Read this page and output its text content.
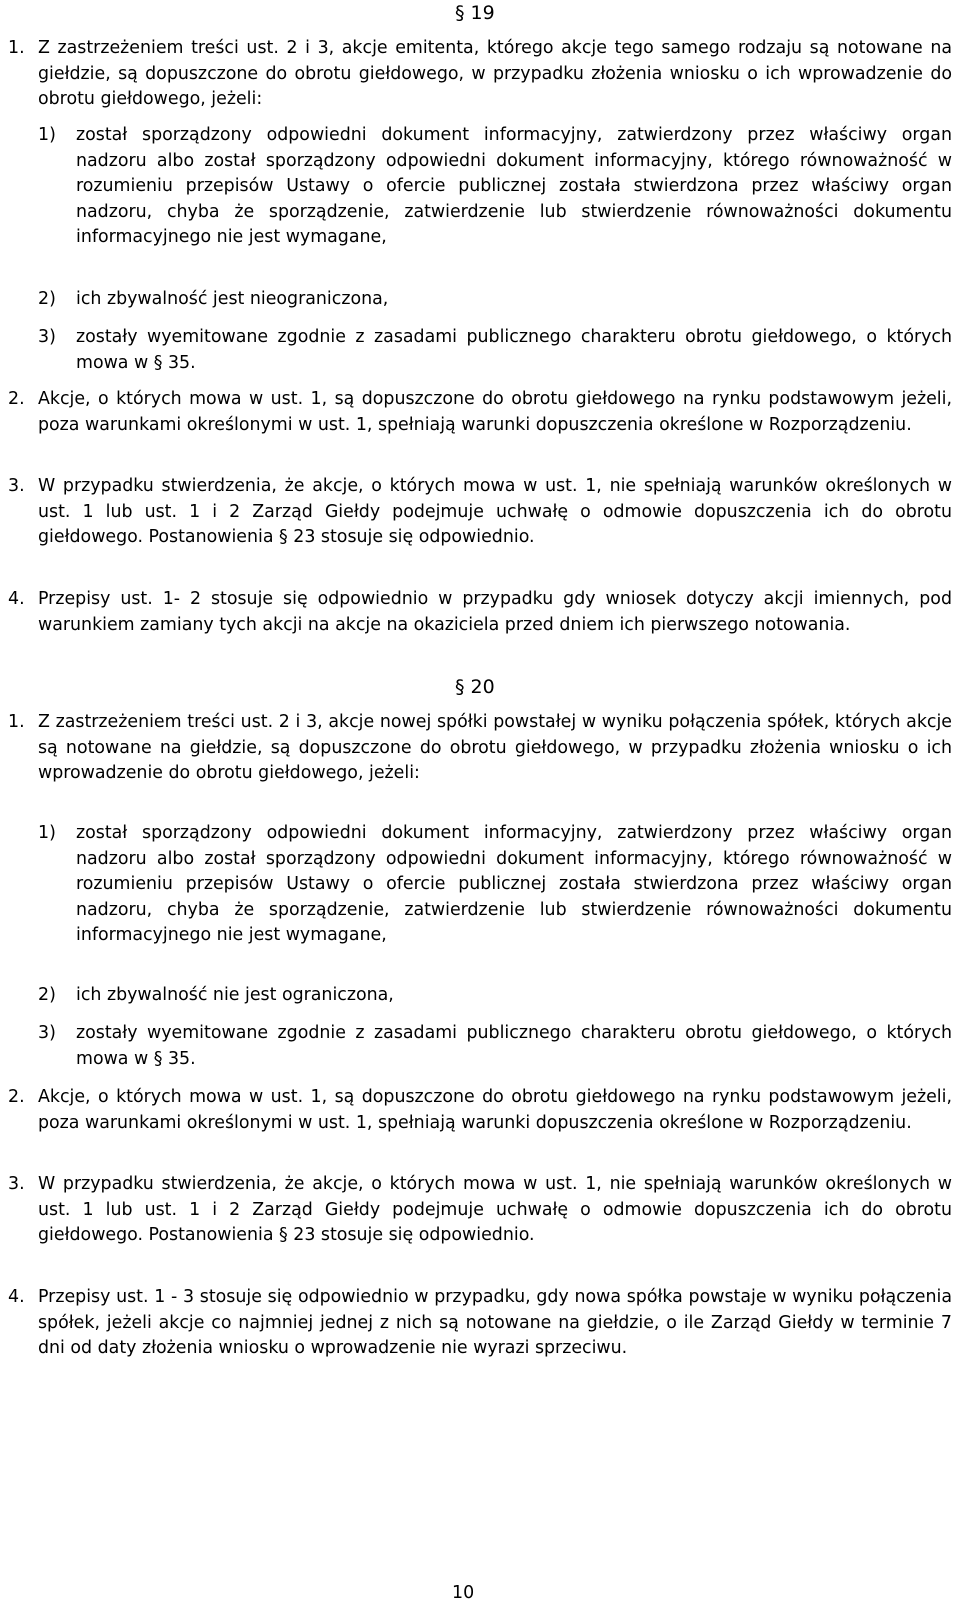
§ 19
1. Z zastrzeżeniem treści ust. 2 i 3, akcje emitenta, którego akcje tego samego rodzaju są notowane na giełdzie, są dopuszczone do obrotu giełdowego, w przypadku złożenia wniosku o ich wprowadzenie do obrotu giełdowego, jeżeli:
1)	został sporządzony odpowiedni dokument informacyjny, zatwierdzony przez właściwy organ nadzoru albo został sporządzony odpowiedni dokument informacyjny, którego równoważność w rozumieniu przepisów Ustawy o ofercie publicznej została stwierdzona przez właściwy organ nadzoru, chyba że sporządzenie, zatwierdzenie lub stwierdzenie równoważności dokumentu informacyjnego nie jest wymagane,
2)	ich zbywalność jest nieograniczona,
3)	zostały wyemitowane zgodnie z zasadami publicznego charakteru obrotu giełdowego, o których mowa w § 35.
2. Akcje, o których mowa w ust. 1, są dopuszczone do obrotu giełdowego na rynku podstawowym jeżeli, poza warunkami określonymi w ust. 1, spełniają warunki dopuszczenia określone w Rozporządzeniu.
3. W przypadku stwierdzenia, że akcje, o których mowa w ust. 1, nie spełniają warunków określonych w ust. 1 lub ust. 1 i 2 Zarząd Giełdy podejmuje uchwałę o odmowie dopuszczenia ich do obrotu giełdowego. Postanowienia § 23 stosuje się odpowiednio.
4. Przepisy ust. 1- 2 stosuje się odpowiednio w przypadku gdy wniosek dotyczy akcji imiennych, pod warunkiem zamiany tych akcji na akcje na okaziciela przed dniem ich pierwszego notowania.
§ 20
1. Z zastrzeżeniem treści ust. 2 i 3, akcje nowej spółki powstałej w wyniku połączenia spółek, których akcje są notowane na giełdzie, są dopuszczone do obrotu giełdowego, w przypadku złożenia wniosku o ich wprowadzenie do obrotu giełdowego, jeżeli:
1)	został sporządzony odpowiedni dokument informacyjny, zatwierdzony przez właściwy organ nadzoru albo został sporządzony odpowiedni dokument informacyjny, którego równoważność w rozumieniu przepisów Ustawy o ofercie publicznej została stwierdzona przez właściwy organ nadzoru, chyba że sporządzenie, zatwierdzenie lub stwierdzenie równoważności dokumentu informacyjnego nie jest wymagane,
2)	ich zbywalność nie jest ograniczona,
3)	zostały wyemitowane zgodnie z zasadami publicznego charakteru obrotu giełdowego, o których mowa w § 35.
2. Akcje, o których mowa w ust. 1, są dopuszczone do obrotu giełdowego na rynku podstawowym jeżeli, poza warunkami określonymi w ust. 1, spełniają warunki dopuszczenia określone w Rozporządzeniu.
3. W przypadku stwierdzenia, że akcje, o których mowa w ust. 1, nie spełniają warunków określonych w ust. 1 lub ust. 1 i 2 Zarząd Giełdy podejmuje uchwałę o odmowie dopuszczenia ich do obrotu giełdowego. Postanowienia § 23 stosuje się odpowiednio.
4. Przepisy ust. 1 - 3 stosuje się odpowiednio w przypadku, gdy nowa spółka powstaje w wyniku połączenia spółek, jeżeli akcje co najmniej jednej z nich są notowane na giełdzie, o ile Zarząd Giełdy w terminie 7 dni od daty złożenia wniosku o wprowadzenie nie wyrazi sprzeciwu.
10
